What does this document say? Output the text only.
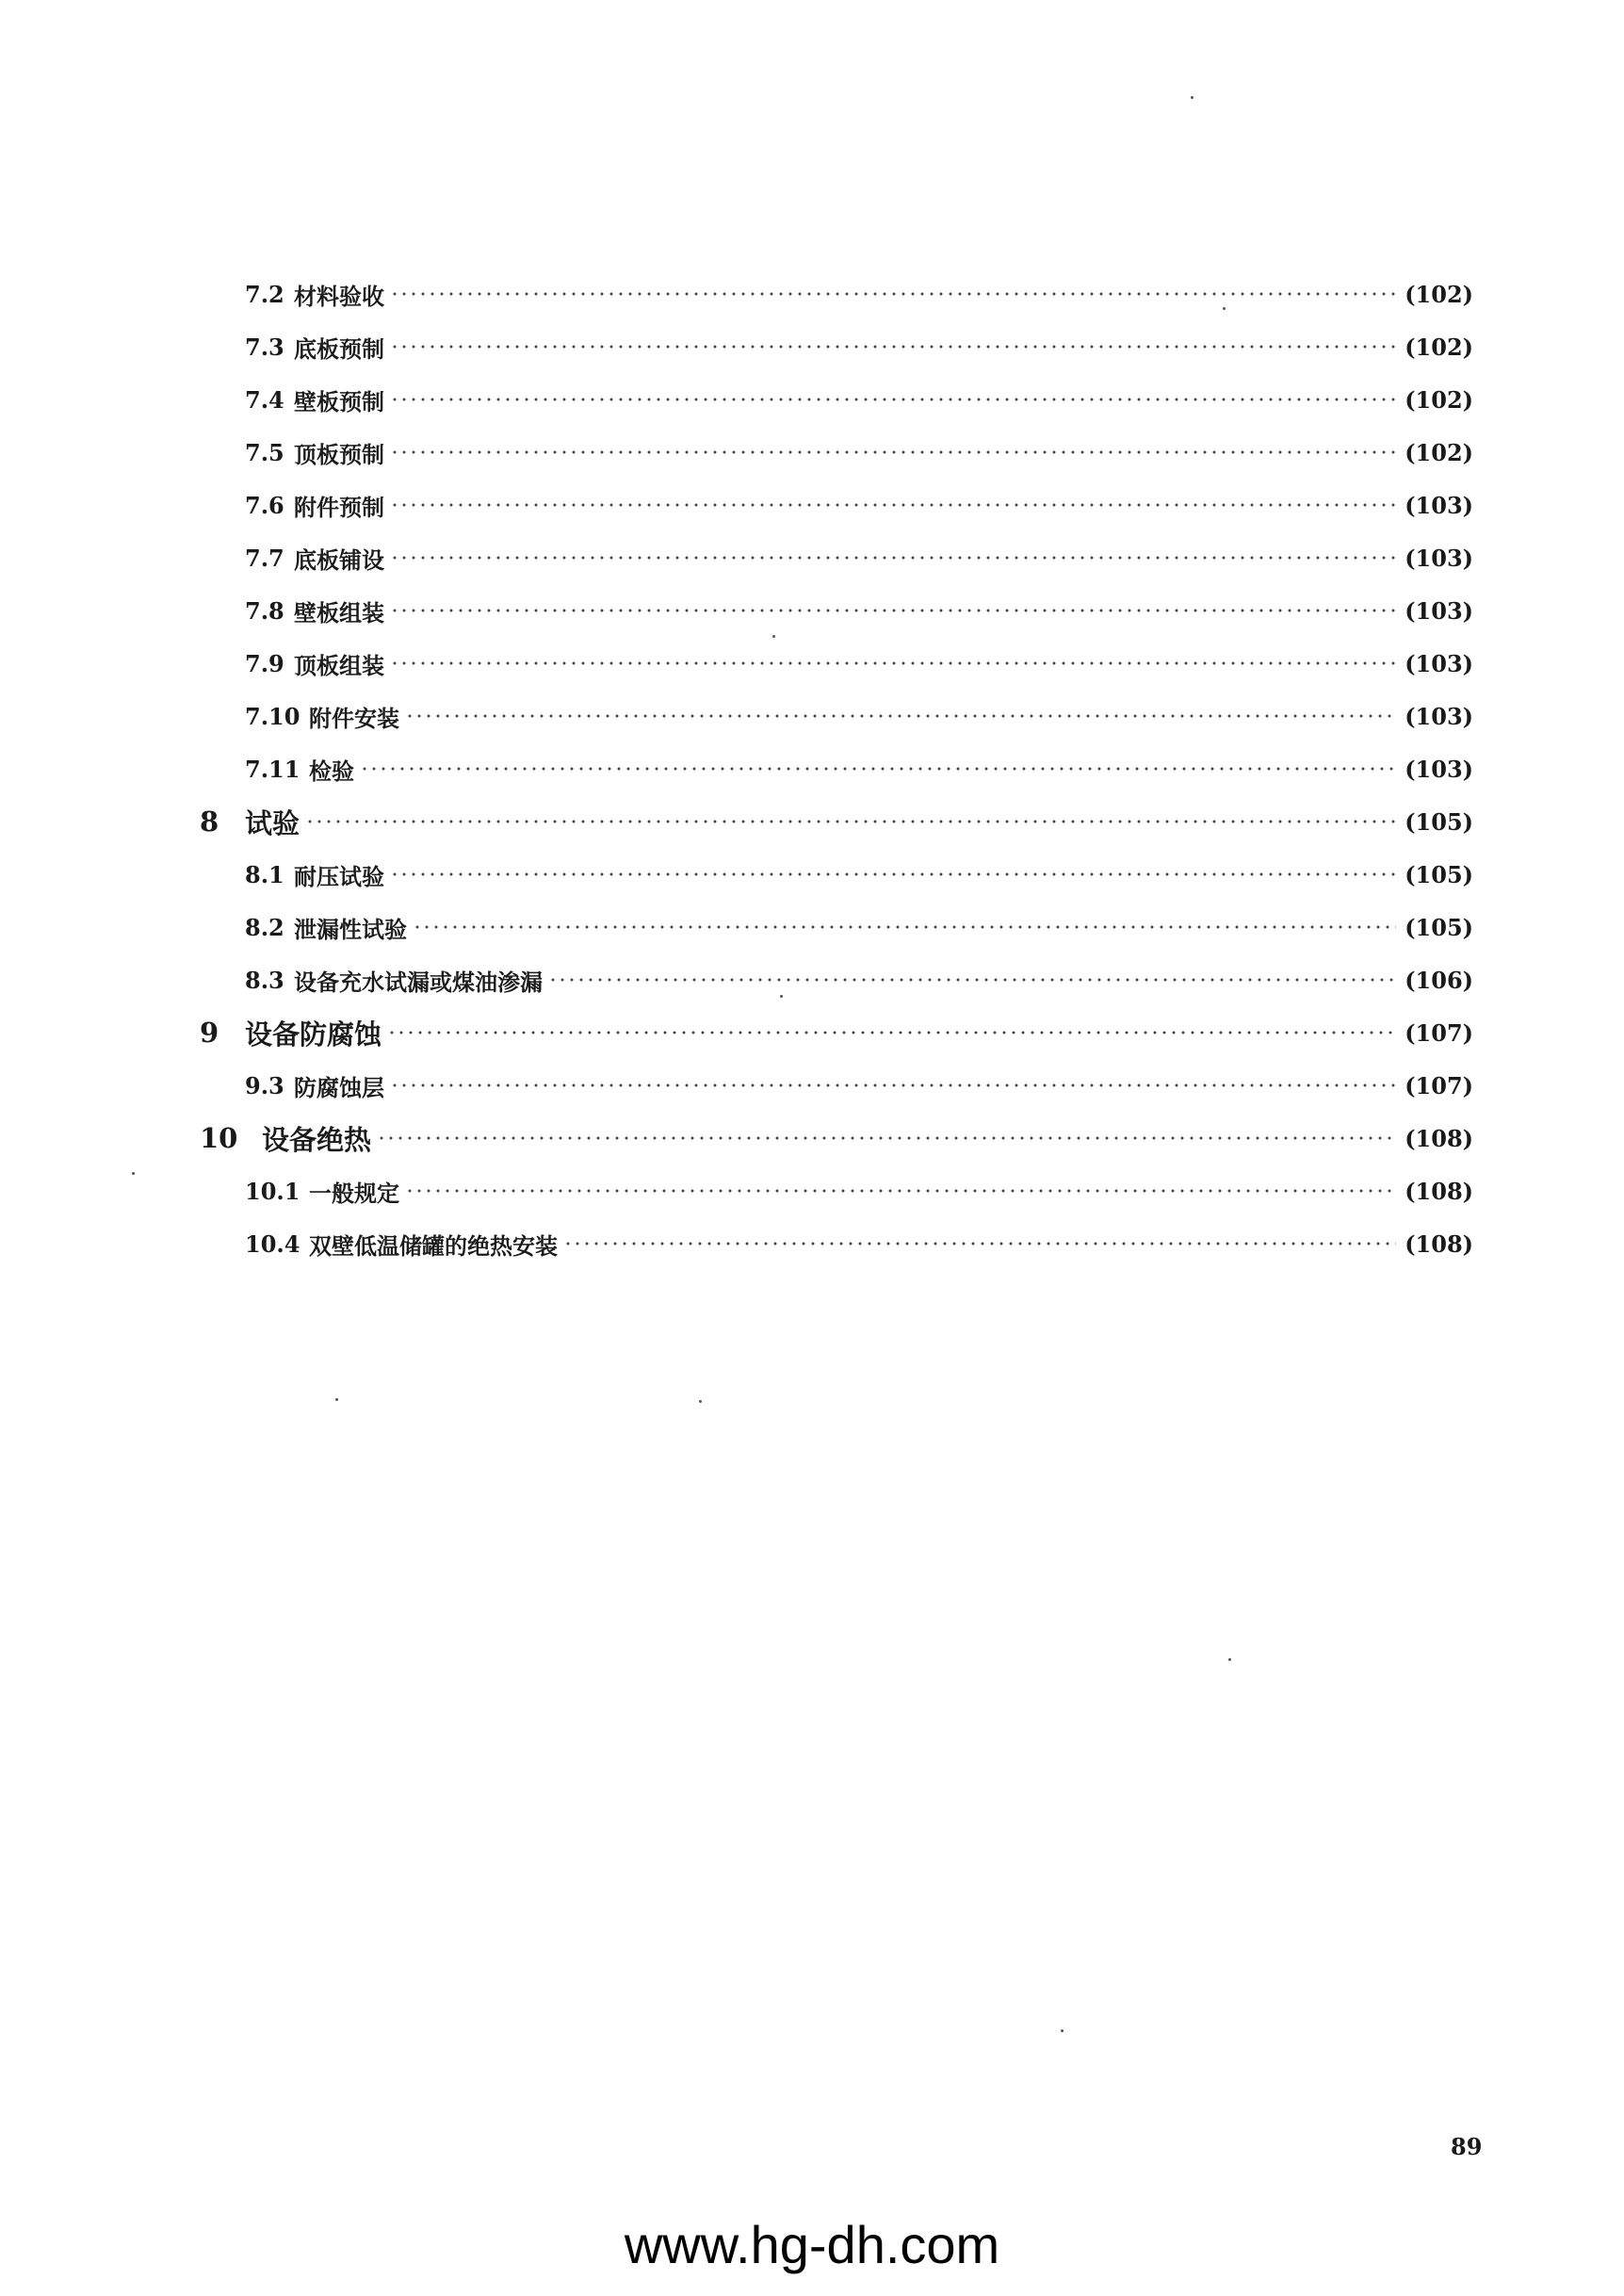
7.2 材料验收	(102)
7.3 底板预制	(102)
7.4 壁板预制	(102)
7.5 顶板预制	(102)
7.6 附件预制	(103)
7.7 底板铺设	(103)
7.8 壁板组装	(103)
7.9 顶板组装	(103)
7.10 附件安装	(103)
7.11 检验	(103)
8 试验	(105)
8.1 耐压试验	(105)
8.2 泄漏性试验	(105)
8.3 设备充水试漏或煤油渗漏	(106)
9 设备防腐蚀	(107)
9.3 防腐蚀层	(107)
10 设备绝热	(108)
10.1 一般规定	(108)
10.4 双壁低温储罐的绝热安装	(108)
89
www.hg-dh.com
